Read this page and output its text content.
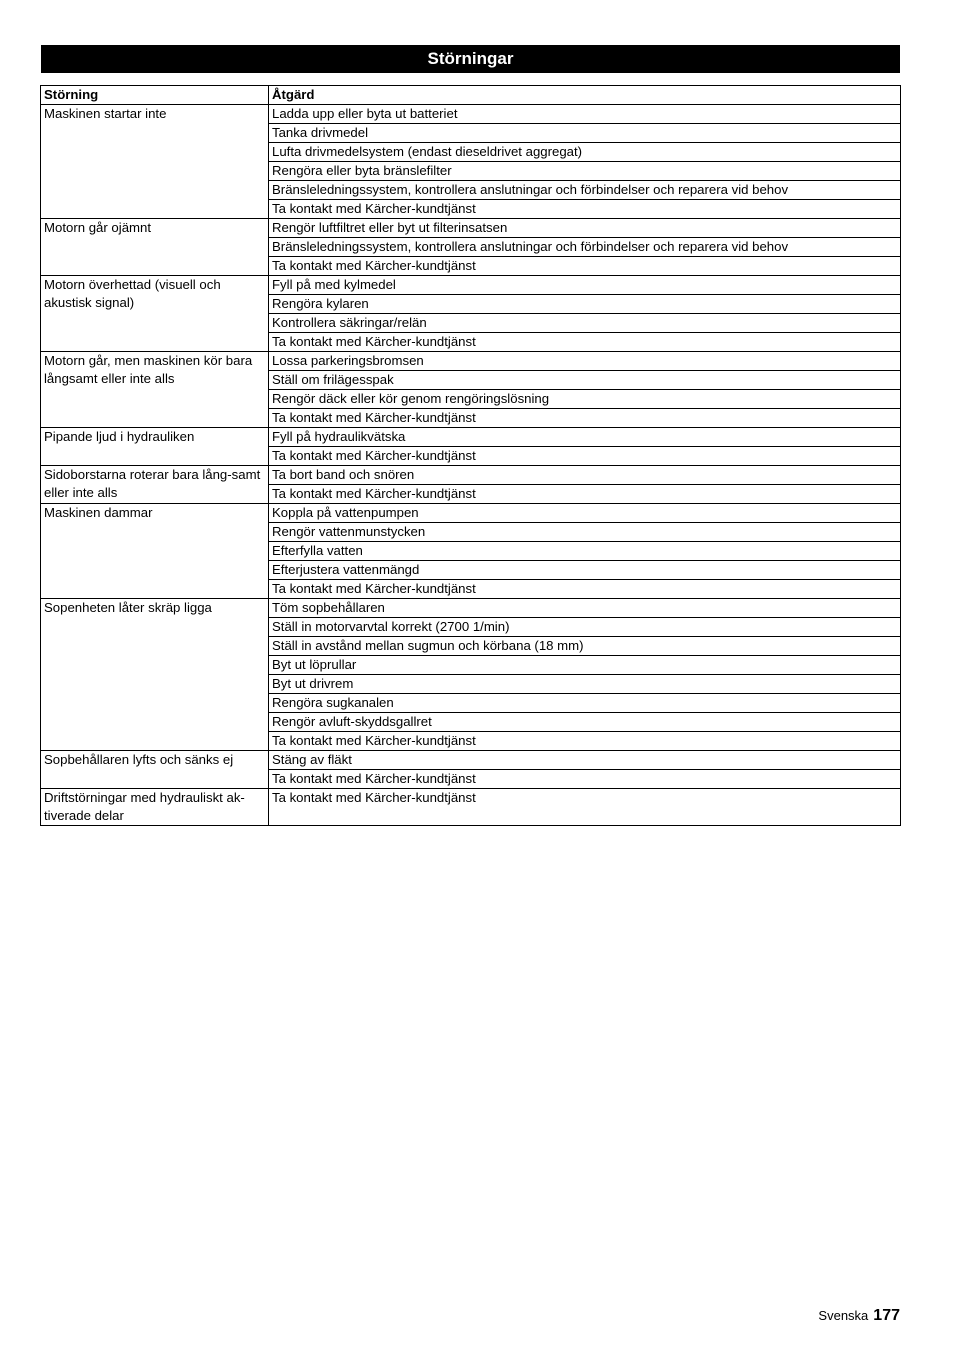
Störningar
Störning	Åtgärd
Maskinen startar inte	Ladda upp eller byta ut batteriet
	Tanka drivmedel
	Lufta drivmedelsystem (endast dieseldrivet aggregat)
	Rengöra eller byta bränslefilter
	Bränsleledningssystem, kontrollera anslutningar och förbindelser och reparera vid behov
	Ta kontakt med Kärcher-kundtjänst
Motorn går ojämnt	Rengör luftfiltret eller byt ut filterinsatsen
	Bränsleledningssystem, kontrollera anslutningar och förbindelser och reparera vid behov
	Ta kontakt med Kärcher-kundtjänst
Motorn överhettad (visuell och akustisk signal)	Fyll på med kylmedel
	Rengöra kylaren
	Kontrollera säkringar/relän
	Ta kontakt med Kärcher-kundtjänst
Motorn går, men maskinen kör bara långsamt eller inte alls	Lossa parkeringsbromsen
	Ställ om frilägesspak
	Rengör däck eller kör genom rengöringslösning
	Ta kontakt med Kärcher-kundtjänst
Pipande ljud i hydrauliken	Fyll på hydraulikvätska
	Ta kontakt med Kärcher-kundtjänst
Sidoborstarna roterar bara lång-samt eller inte alls	Ta bort band och snören
	Ta kontakt med Kärcher-kundtjänst
Maskinen dammar	Koppla på vattenpumpen
	Rengör vattenmunstycken
	Efterfylla vatten
	Efterjustera vattenmängd
	Ta kontakt med Kärcher-kundtjänst
Sopenheten låter skräp ligga	Töm sopbehållaren
	Ställ in motorvarvtal korrekt (2700 1/min)
	Ställ in avstånd mellan sugmun och körbana (18 mm)
	Byt ut löprullar
	Byt ut drivrem
	Rengöra sugkanalen
	Rengör avluft-skyddsgallret
	Ta kontakt med Kärcher-kundtjänst
Sopbehållaren lyfts och sänks ej	Stäng av fläkt
	Ta kontakt med Kärcher-kundtjänst
Driftstörningar med hydrauliskt ak-tiverade delar	Ta kontakt med Kärcher-kundtjänst
Svenska 177
